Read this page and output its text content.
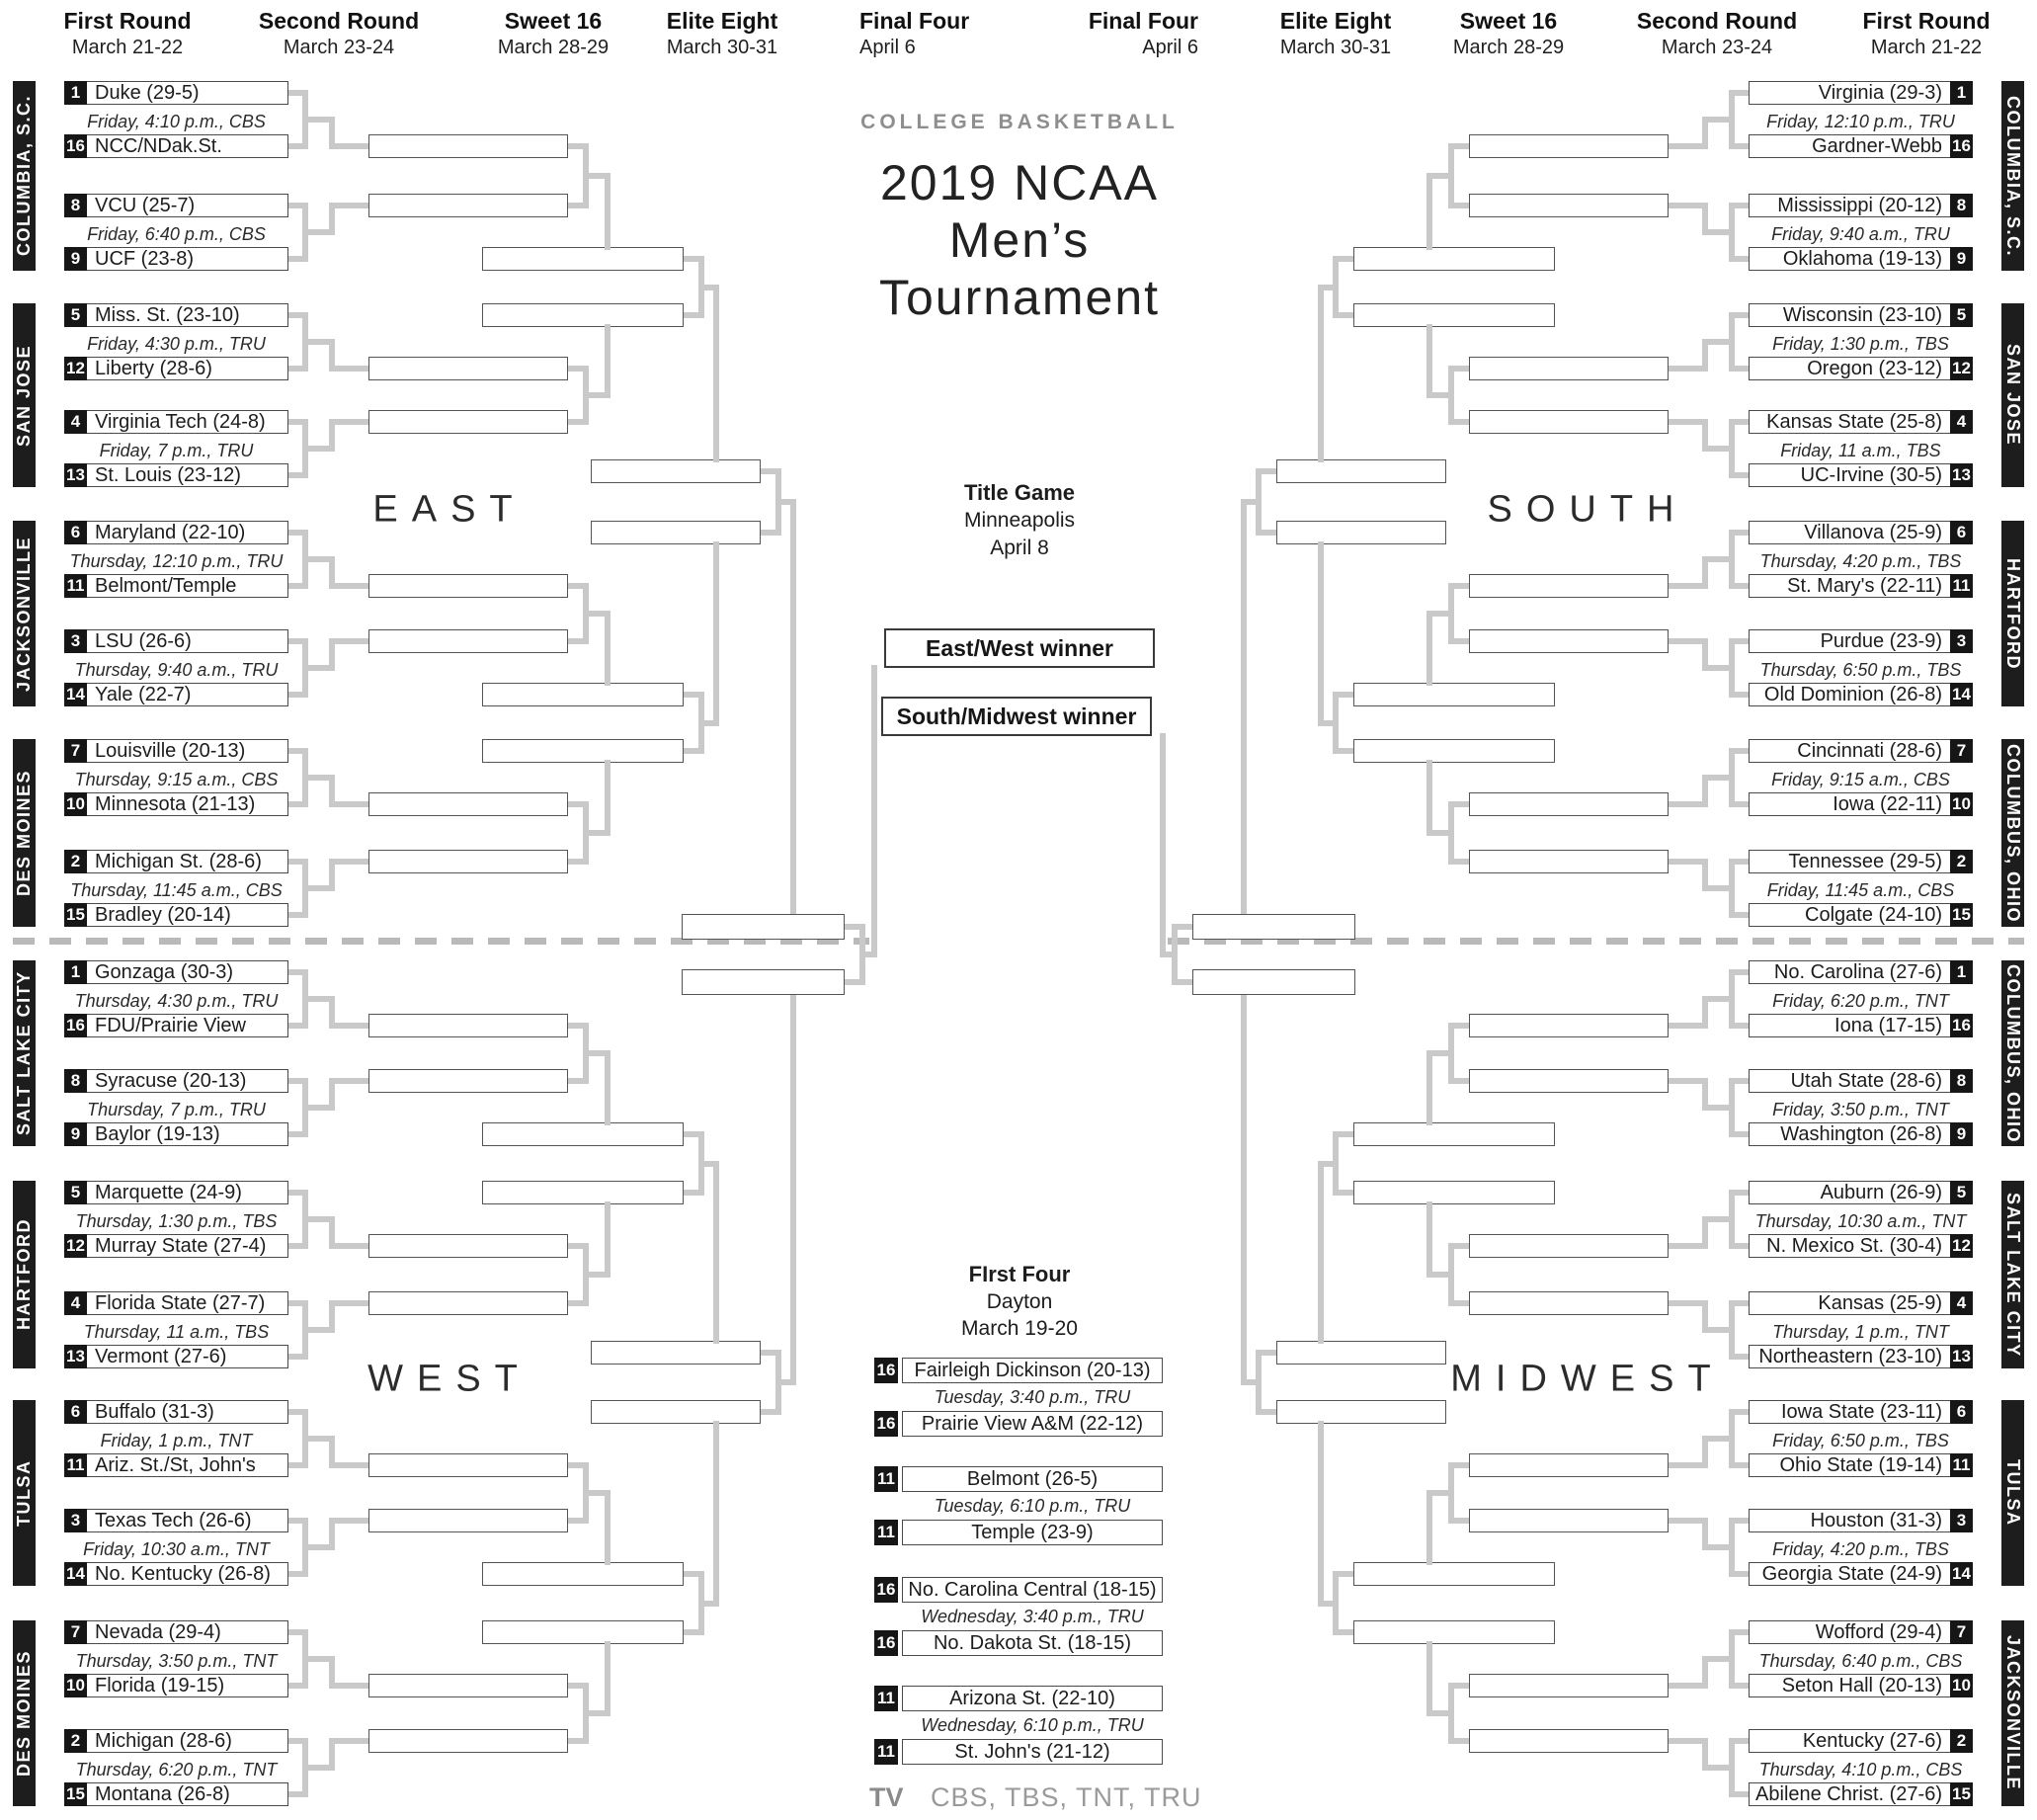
COLLEGE BASKETBALL
2019 NCAA
Men’s
Tournament
Title Game
Minneapolis
April 8
East/West winner
South/Midwest winner
FIrst Four
Dayton
March 19-20
TV CBS, TBS, TNT, TRU
First Round
March 21-22
Second Round
March 23-24
Sweet 16
March 28-29
Elite Eight
March 30-31
Final Four
April 6
Final Four
April 6
Elite Eight
March 30-31
Sweet 16
March 28-29
Second Round
March 23-24
First Round
March 21-22
EAST
COLUMBIA, S.C.
SAN JOSE
JACKSONVILLE
DES MOINES
1 Duke (29-5)
16 NCC/NDak.St.
Friday, 4:10 p.m., CBS
8 VCU (25-7)
9 UCF (23-8)
Friday, 6:40 p.m., CBS
5 Miss. St. (23-10)
12 Liberty (28-6)
Friday, 4:30 p.m., TRU
4 Virginia Tech (24-8)
13 St. Louis (23-12)
Friday, 7 p.m., TRU
6 Maryland (22-10)
11 Belmont/Temple
Thursday, 12:10 p.m., TRU
3 LSU (26-6)
14 Yale (22-7)
Thursday, 9:40 a.m., TRU
7 Louisville (20-13)
10 Minnesota (21-13)
Thursday, 9:15 a.m., CBS
2 Michigan St. (28-6)
15 Bradley (20-14)
Thursday, 11:45 a.m., CBS
WEST
SALT LAKE CITY
HARTFORD
TULSA
DES MOINES
1 Gonzaga (30-3)
16 FDU/Prairie View
Thursday, 4:30 p.m., TRU
8 Syracuse (20-13)
9 Baylor (19-13)
Thursday, 7 p.m., TRU
5 Marquette (24-9)
12 Murray State (27-4)
Thursday, 1:30 p.m., TBS
4 Florida State (27-7)
13 Vermont (27-6)
Thursday, 11 a.m., TBS
6 Buffalo (31-3)
11 Ariz. St./St, John's
Friday, 1 p.m., TNT
3 Texas Tech (26-6)
14 No. Kentucky (26-8)
Friday, 10:30 a.m., TNT
7 Nevada (29-4)
10 Florida (19-15)
Thursday, 3:50 p.m., TNT
2 Michigan (28-6)
15 Montana (26-8)
Thursday, 6:20 p.m., TNT
SOUTH
COLUMBIA, S.C.
SAN JOSE
HARTFORD
COLUMBUS, OHIO
1
Virginia (29-3)
16
Gardner-Webb
Friday, 12:10 p.m., TRU
8
Mississippi (20-12)
9
Oklahoma (19-13)
Friday, 9:40 a.m., TRU
5
Wisconsin (23-10)
12
Oregon (23-12)
Friday, 1:30 p.m., TBS
4
Kansas State (25-8)
13
UC-Irvine (30-5)
Friday, 11 a.m., TBS
6
Villanova (25-9)
11
St. Mary's (22-11)
Thursday, 4:20 p.m., TBS
3
Purdue (23-9)
14
Old Dominion (26-8)
Thursday, 6:50 p.m., TBS
7
Cincinnati (28-6)
10
Iowa (22-11)
Friday, 9:15 a.m., CBS
2
Tennessee (29-5)
15
Colgate (24-10)
Friday, 11:45 a.m., CBS
MIDWEST
COLUMBUS, OHIO
SALT LAKE CITY
TULSA
JACKSONVILLE
1
No. Carolina (27-6)
16
Iona (17-15)
Friday, 6:20 p.m., TNT
8
Utah State (28-6)
9
Washington (26-8)
Friday, 3:50 p.m., TNT
5
Auburn (26-9)
12
N. Mexico St. (30-4)
Thursday, 10:30 a.m., TNT
4
Kansas (25-9)
13
Northeastern (23-10)
Thursday, 1 p.m., TNT
6
Iowa State (23-11)
11
Ohio State (19-14)
Friday, 6:50 p.m., TBS
3
Houston (31-3)
14
Georgia State (24-9)
Friday, 4:20 p.m., TBS
7
Wofford (29-4)
10
Seton Hall (20-13)
Thursday, 6:40 p.m., CBS
2
Kentucky (27-6)
15
Abilene Christ. (27-6)
Thursday, 4:10 p.m., CBS
16 Fairleigh Dickinson (20-13)
16	Prairie View A&M (22-12)
Tuesday, 3:40 p.m., TRU
11	Belmont (26-5)
11	Temple (23-9)
Tuesday, 6:10 p.m., TRU
16 No. Carolina Central (18-15)
16	No. Dakota St. (18-15)
Wednesday, 3:40 p.m., TRU
11	Arizona St. (22-10)
11	St. John's (21-12)
Wednesday, 6:10 p.m., TRU
